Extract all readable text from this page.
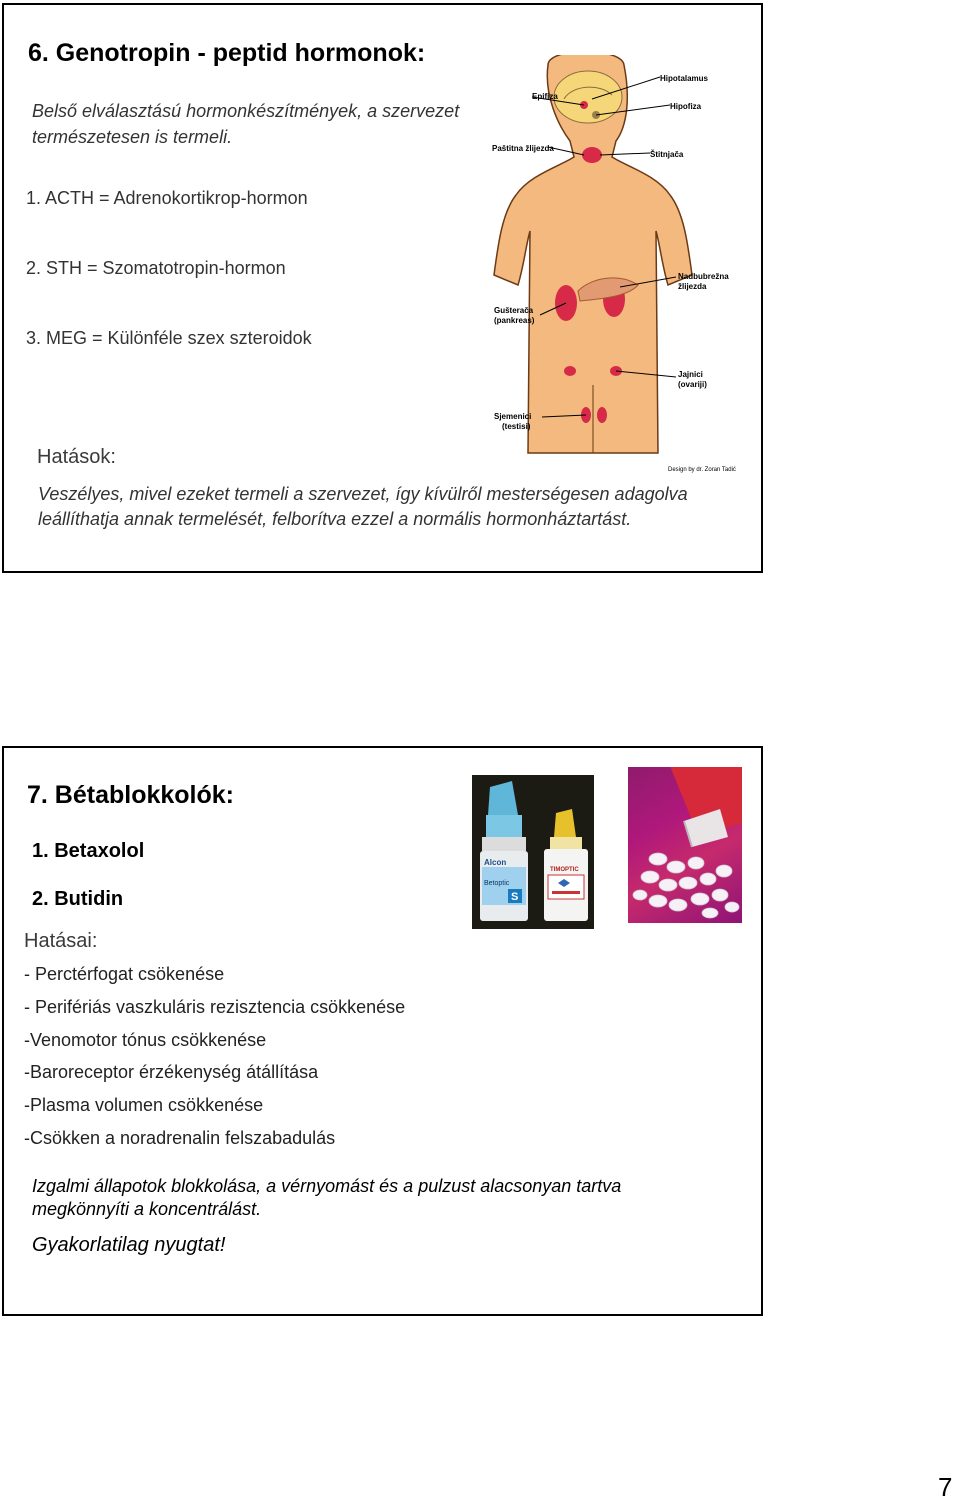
6. Genotropin - peptid hormonok:

Belső elválasztású hormonkészítmények, a szervezet

természetesen is termeli.

1. ACTH = Adrenokortikrop-hormon

2. STH = Szomatotropin-hormon

3. MEG = Különféle szex szteroidok

Hatások:

Veszélyes, mivel ezeket termeli a szervezet, így kívülről mesterségesen adagolva

leállíthatja annak termelését, felborítva ezzel a normális hormonháztartást.

Epifiza
Hipotalamus
Hipofiza
Paštitna žlijezda
Štitnjača
Nadbubrežna
žlijezda
Gušterača
(pankreas)
Jajnici
(ovariji)
Sjemenici
(testisi)
Design by dr. Zoran Tadić

7. Bétablokkolók:

1. Betaxolol

2. Butidin

Hatásai:

- Perctérfogat csökenése

- Perifériás vaszkuláris rezisztencia csökkenése

-Venomotor tónus csökkenése

-Baroreceptor érzékenység átállítása

-Plasma volumen csökkenése

-Csökken a noradrenalin felszabadulás

Izgalmi állapotok blokkolása, a vérnyomást és a pulzust alacsonyan tartva

megkönnyíti a koncentrálást.

Gyakorlatilag nyugtat!

Alcon
Betoptic
S
TIMOPTIC
7
